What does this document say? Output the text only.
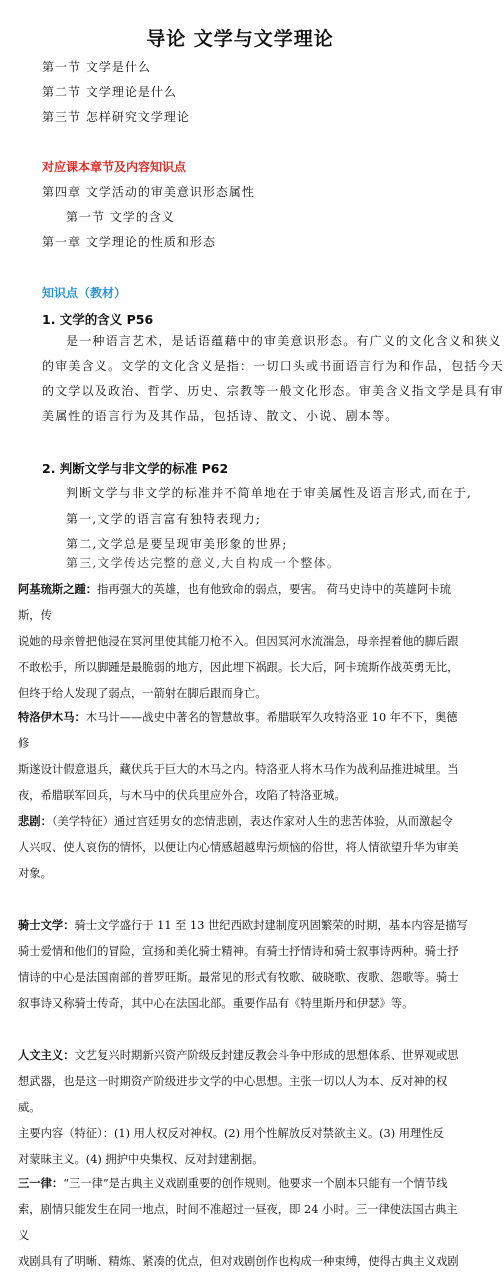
导论 文学与文学理论
第一节 文学是什么
第二节 文学理论是什么
第三节 怎样研究文学理论
对应课本章节及内容知识点
第四章 文学活动的审美意识形态属性
第一节 文学的含义
第一章 文学理论的性质和形态
知识点（教材）
1. 文学的含义 P56
是一种语言艺术，是话语蕴藉中的审美意识形态。有广义的文化含义和狭义
的审美含义。文学的文化含义是指：一切口头或书面语言行为和作品，包括今天
的文学以及政治、哲学、历史、宗教等一般文化形态。审美含义指文学是具有审
美属性的语言行为及其作品，包括诗、散文、小说、剧本等。
2. 判断文学与非文学的标准 P62
判断文学与非文学的标准并不简单地在于审美属性及语言形式,而在于,
第一,文学的语言富有独特表现力;
第二,文学总是要呈现审美形象的世界;
第三,文学传达完整的意义,大自构成一个整体。
阿基琉斯之踵：指再强大的英雄，也有他致命的弱点，要害。 荷马史诗中的英雄阿卡琉斯，传
说她的母亲曾把他浸在冥河里使其能刀枪不入。但因冥河水流湍急，母亲捏着他的脚后跟
不敢松手，所以脚踵是最脆弱的地方，因此埋下祸跟。长大后，阿卡琉斯作战英勇无比，
但终于给人发现了弱点，一箭射在脚后跟而身亡。
特洛伊木马：木马计——战史中著名的智慧故事。希腊联军久攻特洛亚 10 年不下，奥德修
斯遂设计假意退兵，藏伏兵于巨大的木马之内。特洛亚人将木马作为战利品推进城里。当
夜，希腊联军回兵，与木马中的伏兵里应外合，攻陷了特洛亚城。
悲剧：（美学特征）通过宫廷男女的恋情悲剧，表达作家对人生的悲苦体验，从而激起令
人兴叹、使人哀伤的情怀，以便让内心情感超越卑污烦恼的俗世，将人情欲望升华为审美
对象。
骑士文学：骑士文学盛行于 11 至 13 世纪西欧封建制度巩固繁荣的时期，基本内容是描写
骑士爱情和他们的冒险，宣扬和美化骑士精神。有骑士抒情诗和骑士叙事诗两种。骑士抒
情诗的中心是法国南部的普罗旺斯。最常见的形式有牧歌、破晓歌、夜歌、怨歌等。骑士
叙事诗又称骑士传奇，其中心在法国北部。重要作品有《特里斯丹和伊瑟》等。
人文主义：文艺复兴时期新兴资产阶级反封建反教会斗争中形成的思想体系、世界观或思
想武器，也是这一时期资产阶级进步文学的中心思想。主张一切以人为本、反对神的权威。
主要内容（特征）：(1) 用人权反对神权。(2) 用个性解放反对禁欲主义。(3) 用理性反
对蒙昧主义。(4) 拥护中央集权、反对封建割据。
三一律：“三一律”是古典主义戏剧重要的创作规则。他要求一个剧本只能有一个情节线
索，剧情只能发生在同一地点，时间不准超过一昼夜，即 24 小时。三一律使法国古典主义
戏剧具有了明晰、精炼、紧凑的优点，但对戏剧创作也构成一种束缚，使得古典主义戏剧
